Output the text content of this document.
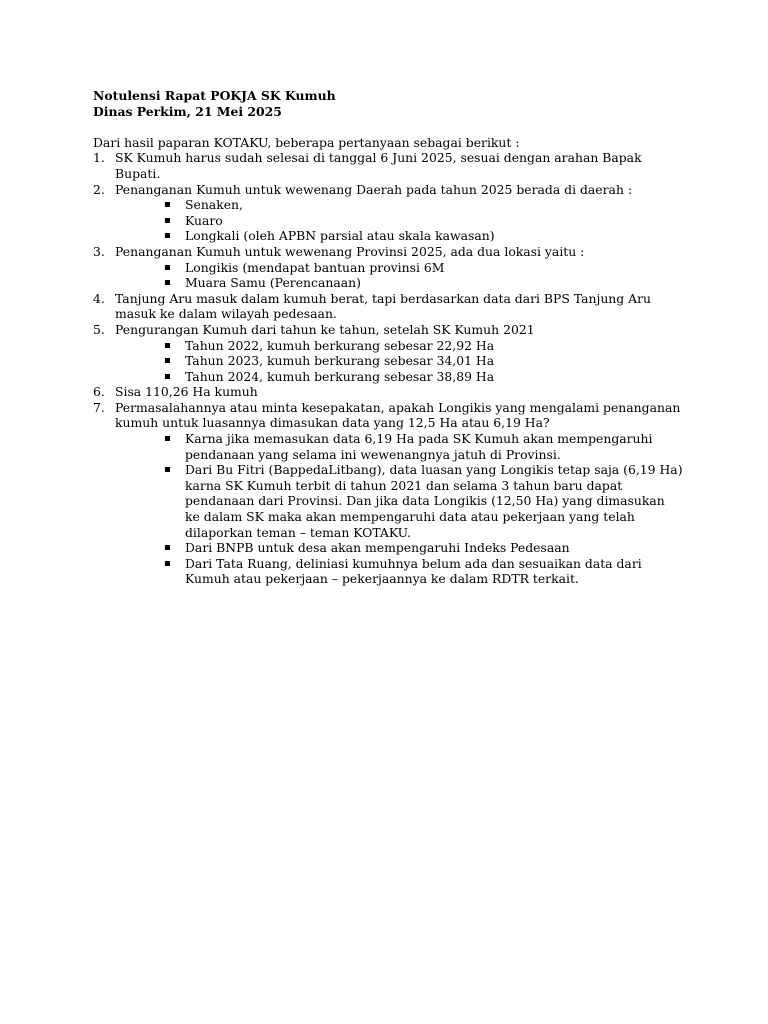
Notulensi Rapat POKJA SK Kumuh
Dinas Perkim, 21 Mei 2025
Dari hasil paparan KOTAKU, beberapa pertanyaan sebagai berikut :
1. SK Kumuh harus sudah selesai di tanggal 6 Juni 2025, sesuai dengan arahan Bapak Bupati.
2. Penanganan Kumuh untuk wewenang Daerah pada tahun 2025 berada di daerah :
Senaken,
Kuaro
Longkali (oleh APBN parsial atau skala kawasan)
3. Penanganan Kumuh untuk wewenang Provinsi 2025, ada dua lokasi yaitu :
Longikis (mendapat bantuan provinsi 6M
Muara Samu (Perencanaan)
4. Tanjung Aru masuk dalam kumuh berat, tapi berdasarkan data dari BPS Tanjung Aru masuk ke dalam wilayah pedesaan.
5. Pengurangan Kumuh dari tahun ke tahun, setelah SK Kumuh 2021
Tahun 2022, kumuh berkurang sebesar 22,92 Ha
Tahun 2023, kumuh berkurang sebesar 34,01 Ha
Tahun 2024, kumuh berkurang sebesar 38,89 Ha
6. Sisa 110,26 Ha kumuh
7. Permasalahannya atau minta kesepakatan, apakah Longikis yang mengalami penanganan kumuh untuk luasannya dimasukan data yang 12,5 Ha atau 6,19 Ha?
Karna jika memasukan data 6,19 Ha pada SK Kumuh akan mempengaruhi pendanaan yang selama ini wewenangnya jatuh di Provinsi.
Dari Bu Fitri (BappedaLitbang), data luasan yang Longikis tetap saja (6,19 Ha) karna SK Kumuh terbit di tahun 2021 dan selama 3 tahun baru dapat pendanaan dari Provinsi. Dan jika data Longikis (12,50 Ha) yang dimasukan ke dalam SK maka akan mempengaruhi data atau pekerjaan yang telah dilaporkan teman – teman KOTAKU.
Dari BNPB untuk desa akan mempengaruhi Indeks Pedesaan
Dari Tata Ruang, deliniasi kumuhnya belum ada dan sesuaikan data dari Kumuh atau pekerjaan – pekerjaannya ke dalam RDTR terkait.
